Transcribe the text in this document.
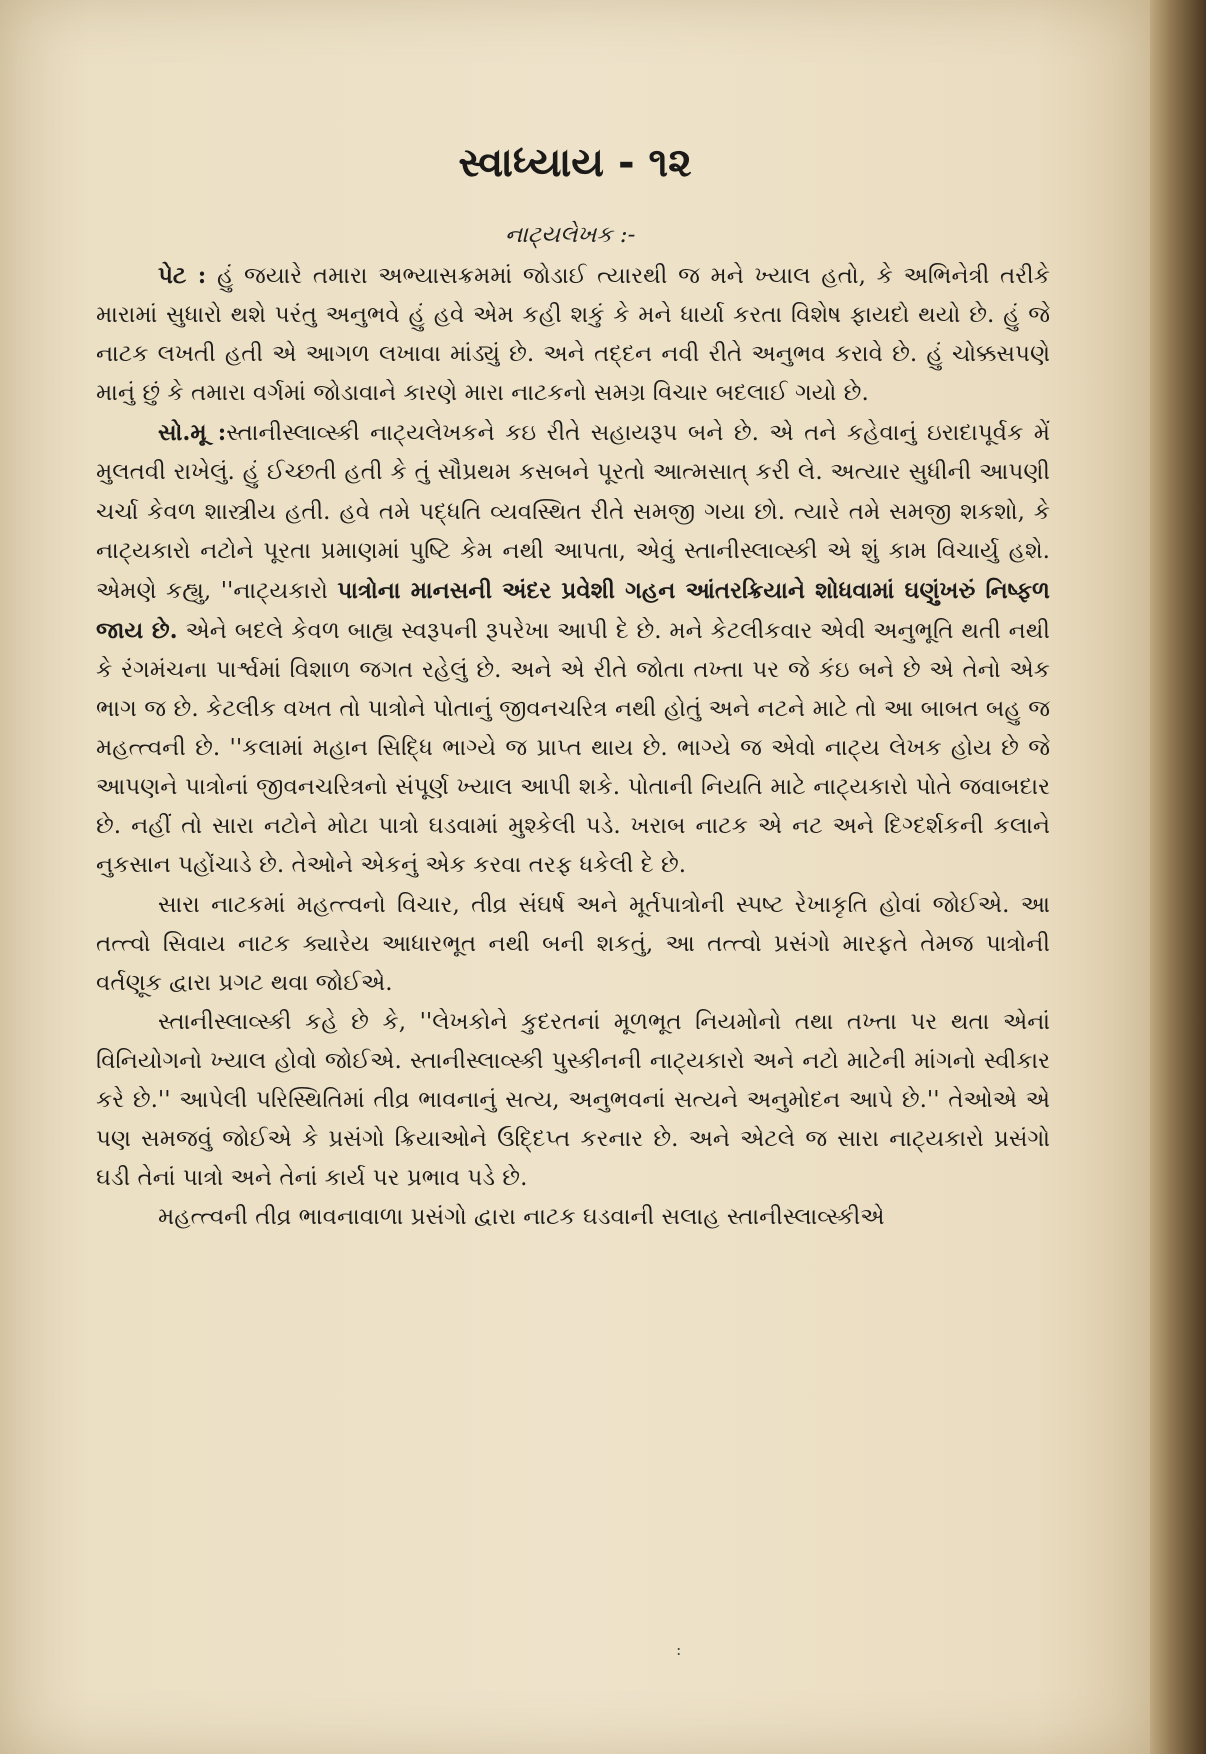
સ્વાધ્યાય - ૧૨
નાટ્યલેખક :-

પેટ : હું જયારે તમારા અભ્યાસક્રમમાં જોડાઈ ત્યારથી જ મને ખ્યાલ હતો, કે અભિનેત્રી તરીકે મારામાં સુધારો થશે પરંતુ અનુભવે હું હવે એમ કહી શકું કે મને ધાર્યા કરતા વિશેષ ફાયદો થયો છે. હું જે નાટક લખતી હતી એ આગળ લખાવા માંડ્યું છે. અને તદ્દન નવી રીતે અનુભવ કરાવે છે. હું ચોક્કસપણે માનું છું કે તમારા વર્ગમાં જોડાવાને કારણે મારા નાટકનો સમગ્ર વિચાર બદલાઈ ગયો છે.

સો.મૂ :સ્તાનીસ્લાવ્સ્કી નાટ્યલેખકને કઇ રીતે સહાયરૂપ બને છે. એ તને કહેવાનું ઇરાદાપૂર્વક મેં મુલતવી રાખેલું. હું ઈચ્છતી હતી કે તું સૌપ્રથમ કસબને પૂરતો આત્મસાત્ કરી લે. અત્યાર સુધીની આપણી ચર્ચા કેવળ શાસ્ત્રીય હતી. હવે તમે પદ્ધતિ વ્યવસ્થિત રીતે સમજી ગયા છો. ત્યારે તમે સમજી શકશો, કે નાટ્યકારો નટોને પૂરતા પ્રમાણમાં પુષ્ટિ કેમ નથી આપતા, એવું સ્તાનીસ્લાવ્સ્કી એ શું કામ વિચાર્યુ હશે. એમણે કહ્યુ, ''નાટ્યકારો પાત્રોના માનસની અંદર પ્રવેશી ગહન આંતરક્રિયાને શોધવામાં ઘણુંખરું નિષ્ફળ જાય છે. એને બદલે કેવળ બાહ્ય સ્વરૂપની રૂપરેખા આપી દે છે. મને કેટલીકવાર એવી અનુભૂતિ થતી નથી કે રંગમંચના પાર્શ્વમાં વિશાળ જગત રહેલું છે. અને એ રીતે જોતા તખ્તા પર જે કંઇ બને છે એ તેનો એક ભાગ જ છે. કેટલીક વખત તો પાત્રોને પોતાનું જીવનચરિત્ર નથી હોતું અને નટને માટે તો આ બાબત બહુ જ મહત્ત્વની છે. ''કલામાં મહાન સિદ્ધિ ભાગ્યે જ પ્રાપ્ત થાય છે. ભાગ્યે જ એવો નાટ્ય લેખક હોય છે જે આપણને પાત્રોનાં જીવનચરિત્રનો સંપૂર્ણ ખ્યાલ આપી શકે. પોતાની નિયતિ માટે નાટ્યકારો પોતે જવાબદાર છે. નહીં તો સારા નટોને મોટા પાત્રો ઘડવામાં મુશ્કેલી પડે. ખરાબ નાટક એ નટ અને દિગ્દર્શકની કલાને નુકસાન પહોંચાડે છે. તેઓને એકનું એક કરવા તરફ ધકેલી દે છે.

સારા નાટકમાં મહત્ત્વનો વિચાર, તીવ્ર સંઘર્ષ અને મૂર્તપાત્રોની સ્પષ્ટ રેખાકૃતિ હોવાં જોઈએ. આ તત્ત્વો સિવાય નાટક ક્યારેય આધારભૂત નથી બની શકતું, આ તત્ત્વો પ્રસંગો મારફતે તેમજ પાત્રોની વર્તણૂક દ્વારા પ્રગટ થવા જોઈએ.

સ્તાનીસ્લાવ્સ્કી કહે છે કે, ''લેખકોને કુદરતનાં મૂળભૂત નિયમોનો તથા તખ્તા પર થતા એનાં વિનિયોગનો ખ્યાલ હોવો જોઈએ. સ્તાનીસ્લાવ્સ્કી પુસ્કીનની નાટ્યકારો અને નટો માટેની માંગનો સ્વીકાર કરે છે.'' આપેલી પરિસ્થિતિમાં તીવ્ર ભાવનાનું સત્ય, અનુભવનાં સત્યને અનુમોદન આપે છે.'' તેઓએ એ પણ સમજવું જોઈએ કે પ્રસંગો ક્રિયાઓને ઉદ્દિપ્ત કરનાર છે. અને એટલે જ સારા નાટ્યકારો પ્રસંગો ઘડી તેનાં પાત્રો અને તેનાં કાર્ય પર પ્રભાવ પડે છે.

મહત્ત્વની તીવ્ર ભાવનાવાળા પ્રસંગો દ્વારા નાટક ઘડવાની સલાહ સ્તાનીસ્લાવ્સ્કીએ

:
